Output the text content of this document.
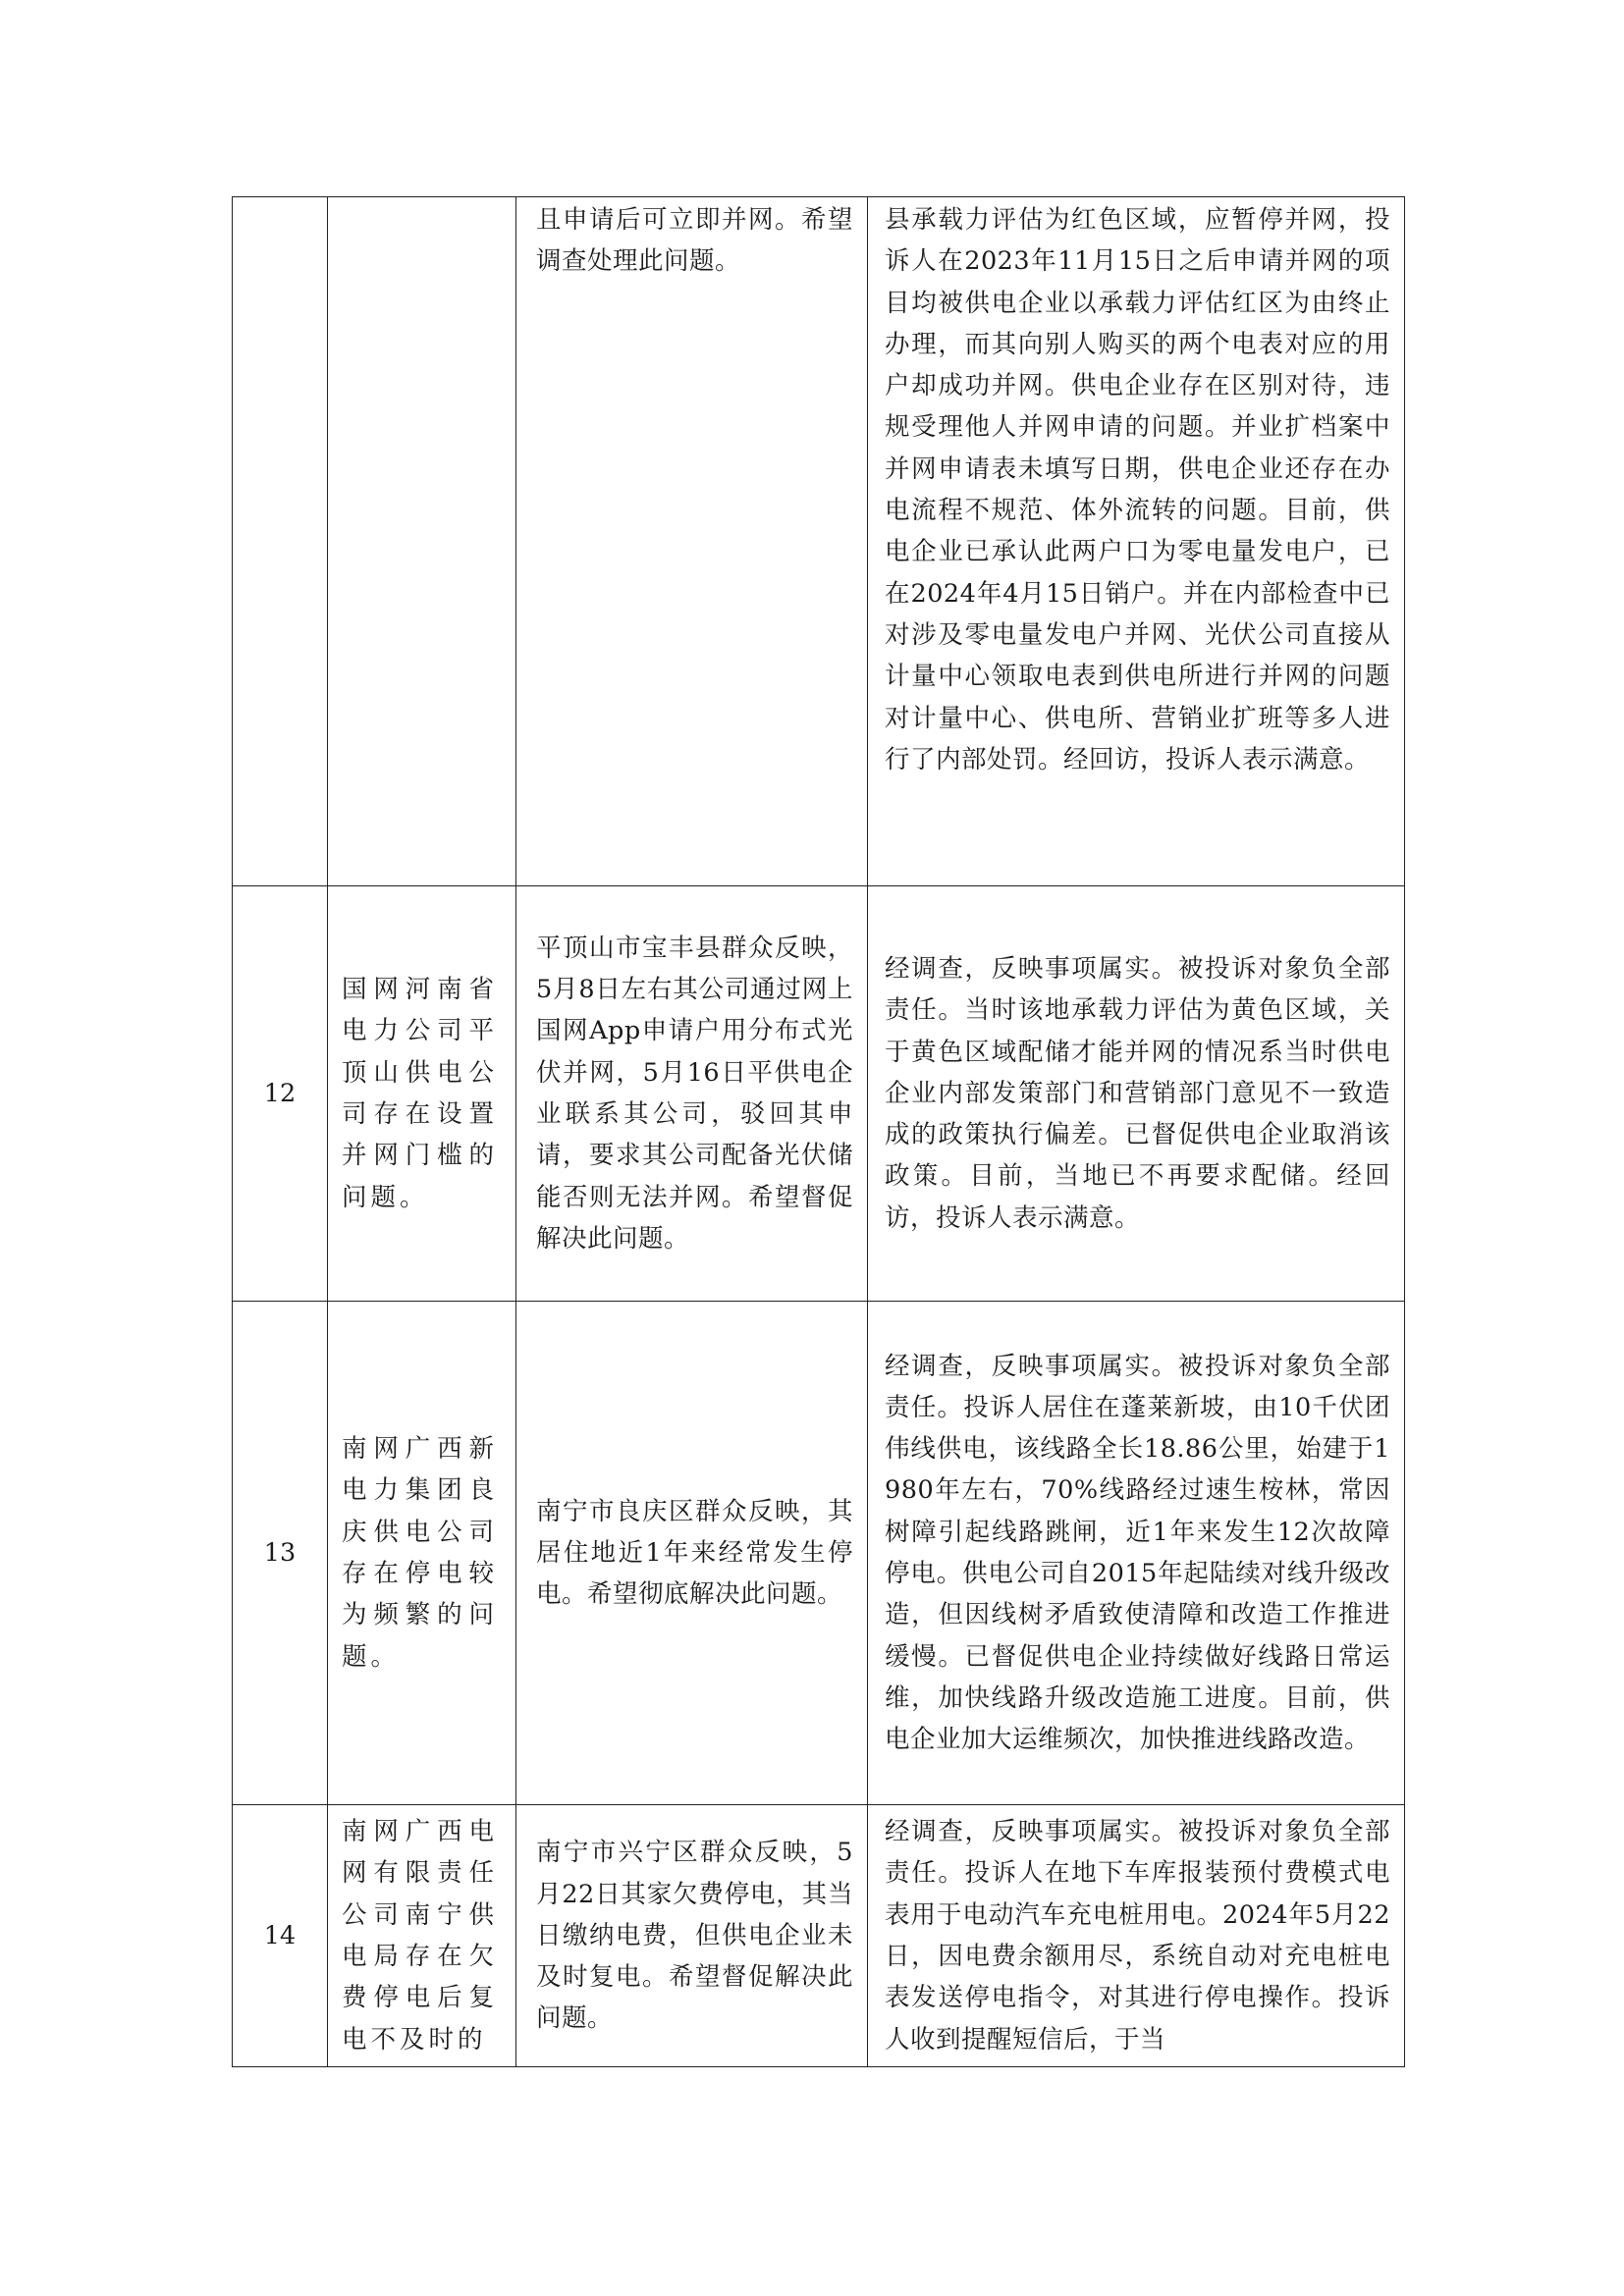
		且申请后可立即并网。希望调查处理此问题。	县承载力评估为红色区域，应暂停并网，投诉人在2023年11月15日之后申请并网的项目均被供电企业以承载力评估红区为由终止办理，而其向别人购买的两个电表对应的用户却成功并网。供电企业存在区别对待，违规受理他人并网申请的问题。并业扩档案中并网申请表未填写日期，供电企业还存在办电流程不规范、体外流转的问题。目前，供电企业已承认此两户口为零电量发电户，已在2024年4月15日销户。并在内部检查中已对涉及零电量发电户并网、光伏公司直接从计量中心领取电表到供电所进行并网的问题对计量中心、供电所、营销业扩班等多人进行了内部处罚。经回访，投诉人表示满意。
12	国网河南省电力公司平顶山供电公司存在设置并网门槛的问题。	平顶山市宝丰县群众反映，5月8日左右其公司通过网上国网App申请户用分布式光伏并网，5月16日平供电企业联系其公司，驳回其申请，要求其公司配备光伏储能否则无法并网。希望督促解决此问题。	经调查，反映事项属实。被投诉对象负全部责任。当时该地承载力评估为黄色区域，关于黄色区域配储才能并网的情况系当时供电企业内部发策部门和营销部门意见不一致造成的政策执行偏差。已督促供电企业取消该政策。目前，当地已不再要求配储。经回访，投诉人表示满意。
13	南网广西新电力集团良庆供电公司存在停电较为频繁的问题。	南宁市良庆区群众反映，其居住地近1年来经常发生停电。希望彻底解决此问题。	经调查，反映事项属实。被投诉对象负全部责任。投诉人居住在蓬莱新坡，由10千伏团伟线供电，该线路全长18.86公里，始建于1980年左右，70%线路经过速生桉林，常因树障引起线路跳闸，近1年来发生12次故障停电。供电公司自2015年起陆续对线升级改造，但因线树矛盾致使清障和改造工作推进缓慢。已督促供电企业持续做好线路日常运维，加快线路升级改造施工进度。目前，供电企业加大运维频次，加快推进线路改造。
14	南网广西电网有限责任公司南宁供电局存在欠费停电后复电不及时的	南宁市兴宁区群众反映，5月22日其家欠费停电，其当日缴纳电费，但供电企业未及时复电。希望督促解决此问题。	经调查，反映事项属实。被投诉对象负全部责任。投诉人在地下车库报装预付费模式电表用于电动汽车充电桩用电。2024年5月22日，因电费余额用尽，系统自动对充电桩电表发送停电指令，对其进行停电操作。投诉人收到提醒短信后，于当
